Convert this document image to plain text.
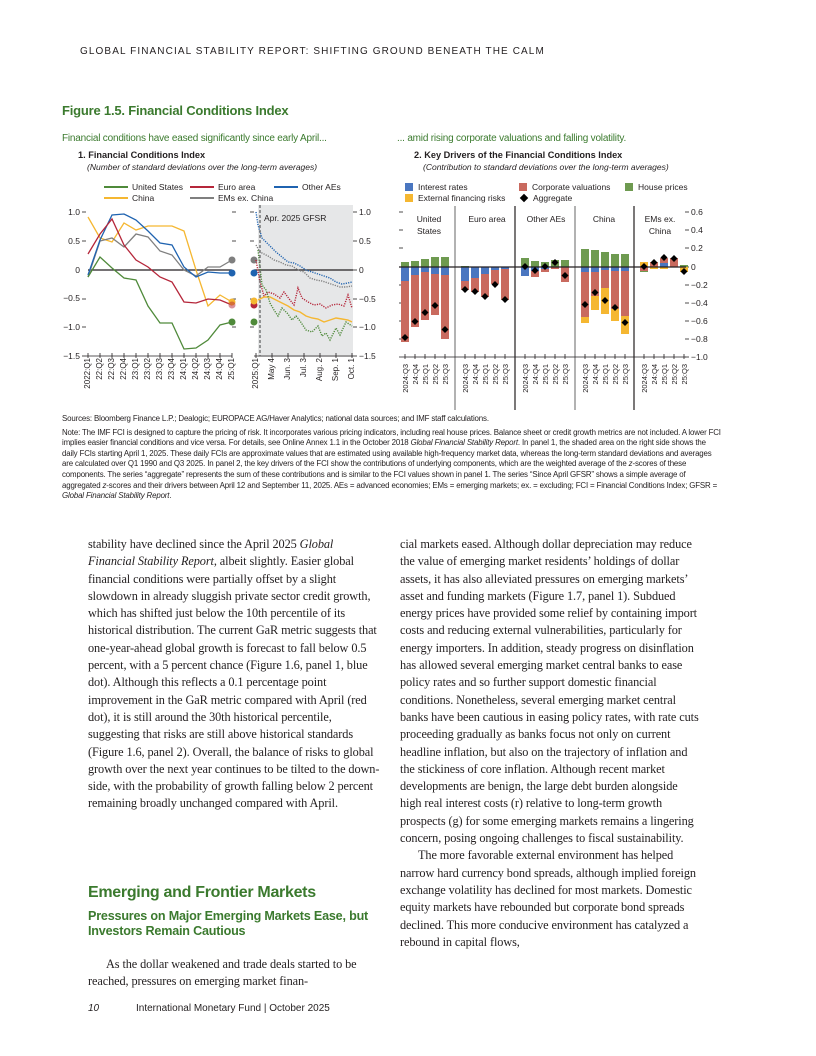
GLOBAL FINANCIAL STABILITY REPORT: SHIFTING GROUND BENEATH THE CALM
Figure 1.5. Financial Conditions Index
Financial conditions have eased significantly since early April...	... amid rising corporate valuations and falling volatility.
1. Financial Conditions Index
(Number of standard deviations over the long-term averages)
United States	Euro area	Other AEs
China	EMs ex. China
1.0
0.5
0
−0.5
−1.0
−1.5
1.0
0.5
0
−0.5
−1.0
−1.5
Apr. 2025 GFSR
2022:Q1 22:Q2 22:Q3 22:Q4 23:Q1 23:Q2 23:Q3 23:Q4 24:Q1 24:Q2 24:Q3 24:Q4 25:Q1 2025:Q1 May 4 Jun. 3 Jul. 3 Aug. 2 Sep. 1 Oct. 1
2. Key Drivers of the Financial Conditions Index
(Contribution to standard deviations over the long-term averages)
Interest rates	Corporate valuations	House prices
External financing risks	Aggregate
United
States
Euro area Other AEs	China	EMs ex.
China
0.6
0.4
0.2
0
−0.2
−0.4
−0.6
−0.8
−1.0
2024:Q3 24:Q4 25:Q1 25:Q2 25:Q3 2024:Q3 24:Q4 25:Q1 25:Q2 25:Q3 2024:Q3 24:Q4 25:Q1 25:Q2 25:Q3 2024:Q3 24:Q4 25:Q1 25:Q2 25:Q3 2024:Q3 24:Q4 25:Q1 25:Q2 25:Q3

Sources: Bloomberg Finance L.P.; Dealogic; EUROPACE AG/Haver Analytics; national data sources; and IMF staff calculations.

Note: The IMF FCI is designed to capture the pricing of risk. It incorporates various pricing indicators, including real house prices. Balance sheet or credit growth metrics are not included. A lower FCI implies easier financial conditions and vice versa. For details, see Online Annex 1.1 in the October 2018 Global Financial Stability Report. In panel 1, the shaded area on the right side shows the daily FCIs starting April 1, 2025. These daily FCIs are approximate values that are estimated using available high-frequency market data, whereas the long-term standard deviations and averages are calculated over Q1 1990 and Q3 2025. In panel 2, the key drivers of the FCI show the contributions of underlying components, which are the weighted average of the z-scores of these components. The series “aggregate” represents the sum of these contributions and is similar to the FCI values shown in panel 1. The series “Since April GFSR” shows a simple average of aggregated z-scores and their drivers between April 12 and September 11, 2025. AEs = advanced economies; EMs = emerging markets; ex. = excluding; FCI = Financial Conditions Index; GFSR = Global Financial Stability Report.

stability have declined since the April 2025 Global Financial Stability Report, albeit slightly. Easier global financial conditions were partially offset by a slight slowdown in already sluggish private sector credit growth, which has shifted just below the 10th percentile of its historical distribution. The current GaR metric suggests that one-year-ahead global growth is forecast to fall below 0.5 percent, with a 5 percent chance (Figure 1.6, panel 1, blue dot). Although this reflects a 0.1 percentage point improvement in the GaR metric compared with April (red dot), it is still around the 30th historical percentile, suggesting that risks are still above historical standards (Figure 1.6, panel 2). Overall, the balance of risks to global growth over the next year continues to be tilted to the downside, with the probability of growth falling below 2 percent remaining broadly unchanged compared with April.

Emerging and Frontier Markets
Pressures on Major Emerging Markets Ease, but Investors Remain Cautious

As the dollar weakened and trade deals started to be reached, pressures on emerging market finan-

cial markets eased. Although dollar depreciation may reduce the value of emerging market residents’ holdings of dollar assets, it has also alleviated pressures on emerging markets’ asset and funding markets (Figure 1.7, panel 1). Subdued energy prices have provided some relief by containing import costs and reducing external vulnerabilities, particularly for energy importers. In addition, steady progress on disinflation has allowed several emerging market central banks to ease policy rates and so further support domestic financial conditions. Nonetheless, several emerging market central banks have been cautious in easing policy rates, with rate cuts proceeding gradually as banks focus not only on current headline inflation, but also on the trajectory of inflation and the stickiness of core inflation. Although recent market developments are benign, the large debt burden alongside high real interest costs (r) relative to long-term growth prospects (g) for some emerging markets remains a lingering concern, posing ongoing challenges to fiscal sustainability.

The more favorable external environment has helped narrow hard currency bond spreads, although implied foreign exchange volatility has declined for most markets. Domestic equity markets have rebounded but corporate bond spreads declined. This more conducive environment has catalyzed a rebound in capital flows,

10	International Monetary Fund | October 2025
